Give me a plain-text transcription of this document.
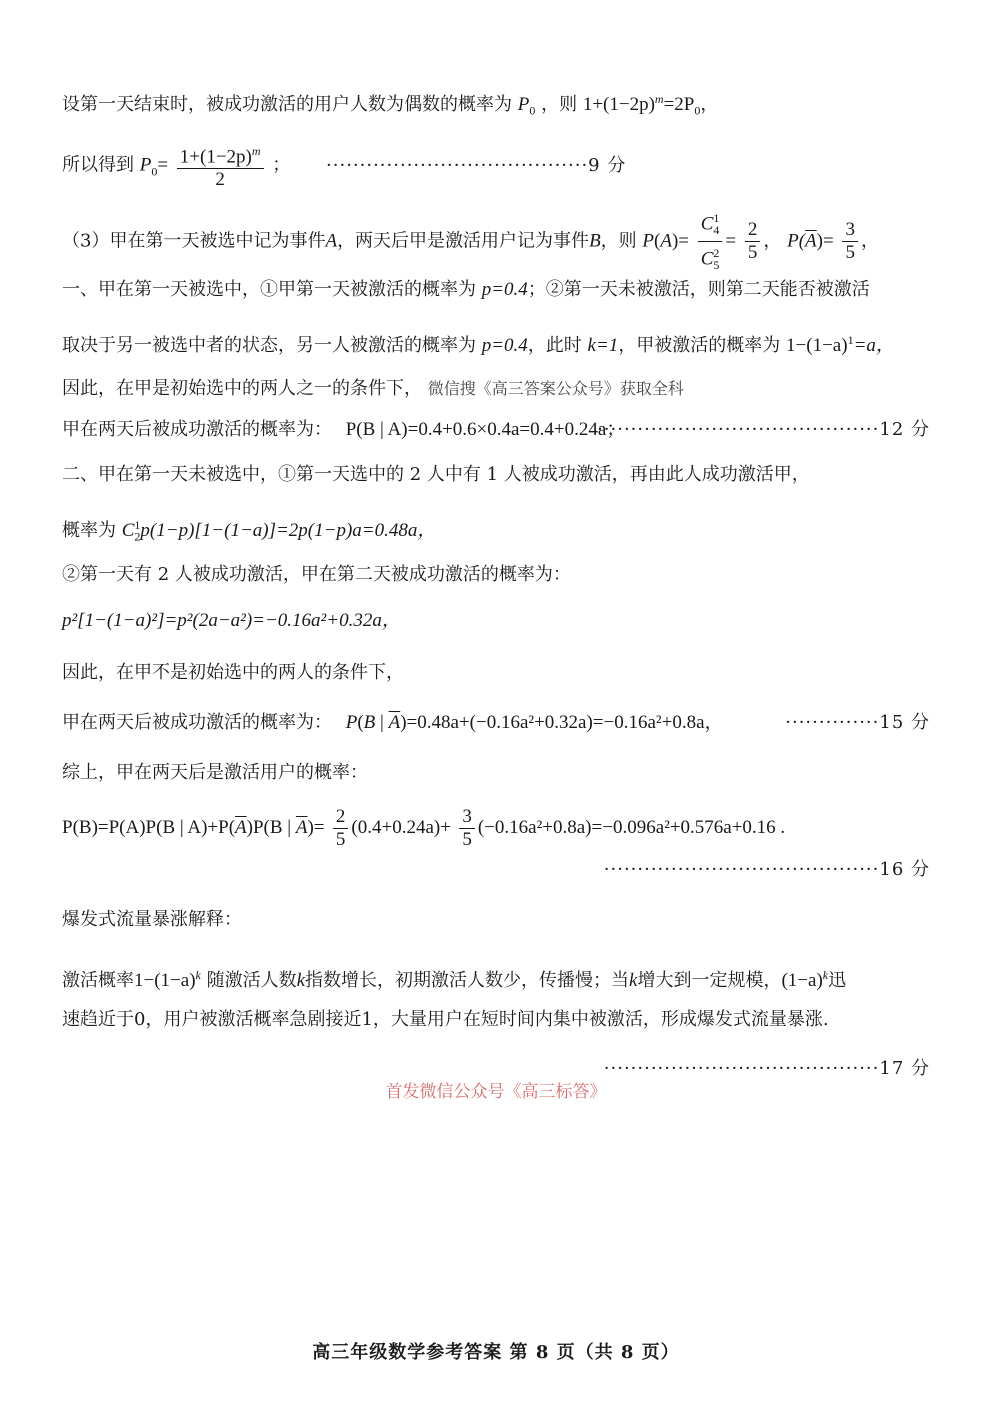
设第一天结束时，被成功激活的用户人数为偶数的概率为 $P_0$ ，则 $1+(1-2p)^m=2P_0$，
所以得到 $P_0= \frac{1+(1-2p)^m}{2}$ ； ·······································9 分
（3）甲在第一天被选中记为事件A，两天后甲是激活用户记为事件B，则 $P(A)= \frac{C_4^1}{C_5^2} = \frac{2}{5}$ ， $P(\overline{A})= \frac{3}{5}$ ，
一、甲在第一天被选中，①甲第一天被激活的概率为 p=0.4；②第一天未被激活，则第二天能否被激活
取决于另一被选中者的状态，另一人被激活的概率为 p=0.4，此时 k=1，甲被激活的概率为 $1-(1-a)^1=a$，
因此，在甲是初始选中的两人之一的条件下， 微信搜《高三答案公众号》获取全科
甲在两天后被成功激活的概率为： P(B | A)=0.4+0.6×0.4a=0.4+0.24a；
··········································12 分
二、甲在第一天未被选中，①第一天选中的 2 人中有 1 人被成功激活，再由此人成功激活甲，
概率为 $C_2^1p(1-p)[1-(1-a)]=2p(1-p)a=0.48a$，
②第一天有 2 人被成功激活，甲在第二天被成功激活的概率为：
p²[1−(1−a)²]=p²(2a−a²)=−0.16a²+0.32a，
因此，在甲不是初始选中的两人的条件下，
甲在两天后被成功激活的概率为： P(B | $\overline{A})=0.48a+(-0.16a^2+0.32a)=-0.16a^2+0.8a$，	··············15 分
综上，甲在两天后是激活用户的概率：
P(B)=P(A)P(B | $A)+P(\overline{A})P(B$ | $\overline{A})= \frac{2}{5} (0.4+0.24a)+ \frac{3}{5} (-0.16a^2+0.8a)=-0.096a^2+0.576a+0.16$ .
·········································16 分
爆发式流量暴涨解释：
激活概率$1-(1-a)^k$ 随激活人数k指数增长，初期激活人数少，传播慢；当k增大到一定规模，$(1-a)^k$迅
速趋近于0，用户被激活概率急剧接近1，大量用户在短时间内集中被激活，形成爆发式流量暴涨.
·········································17 分
首发微信公众号《高三标答》
高三年级数学参考答案 第 8 页（共 8 页）
